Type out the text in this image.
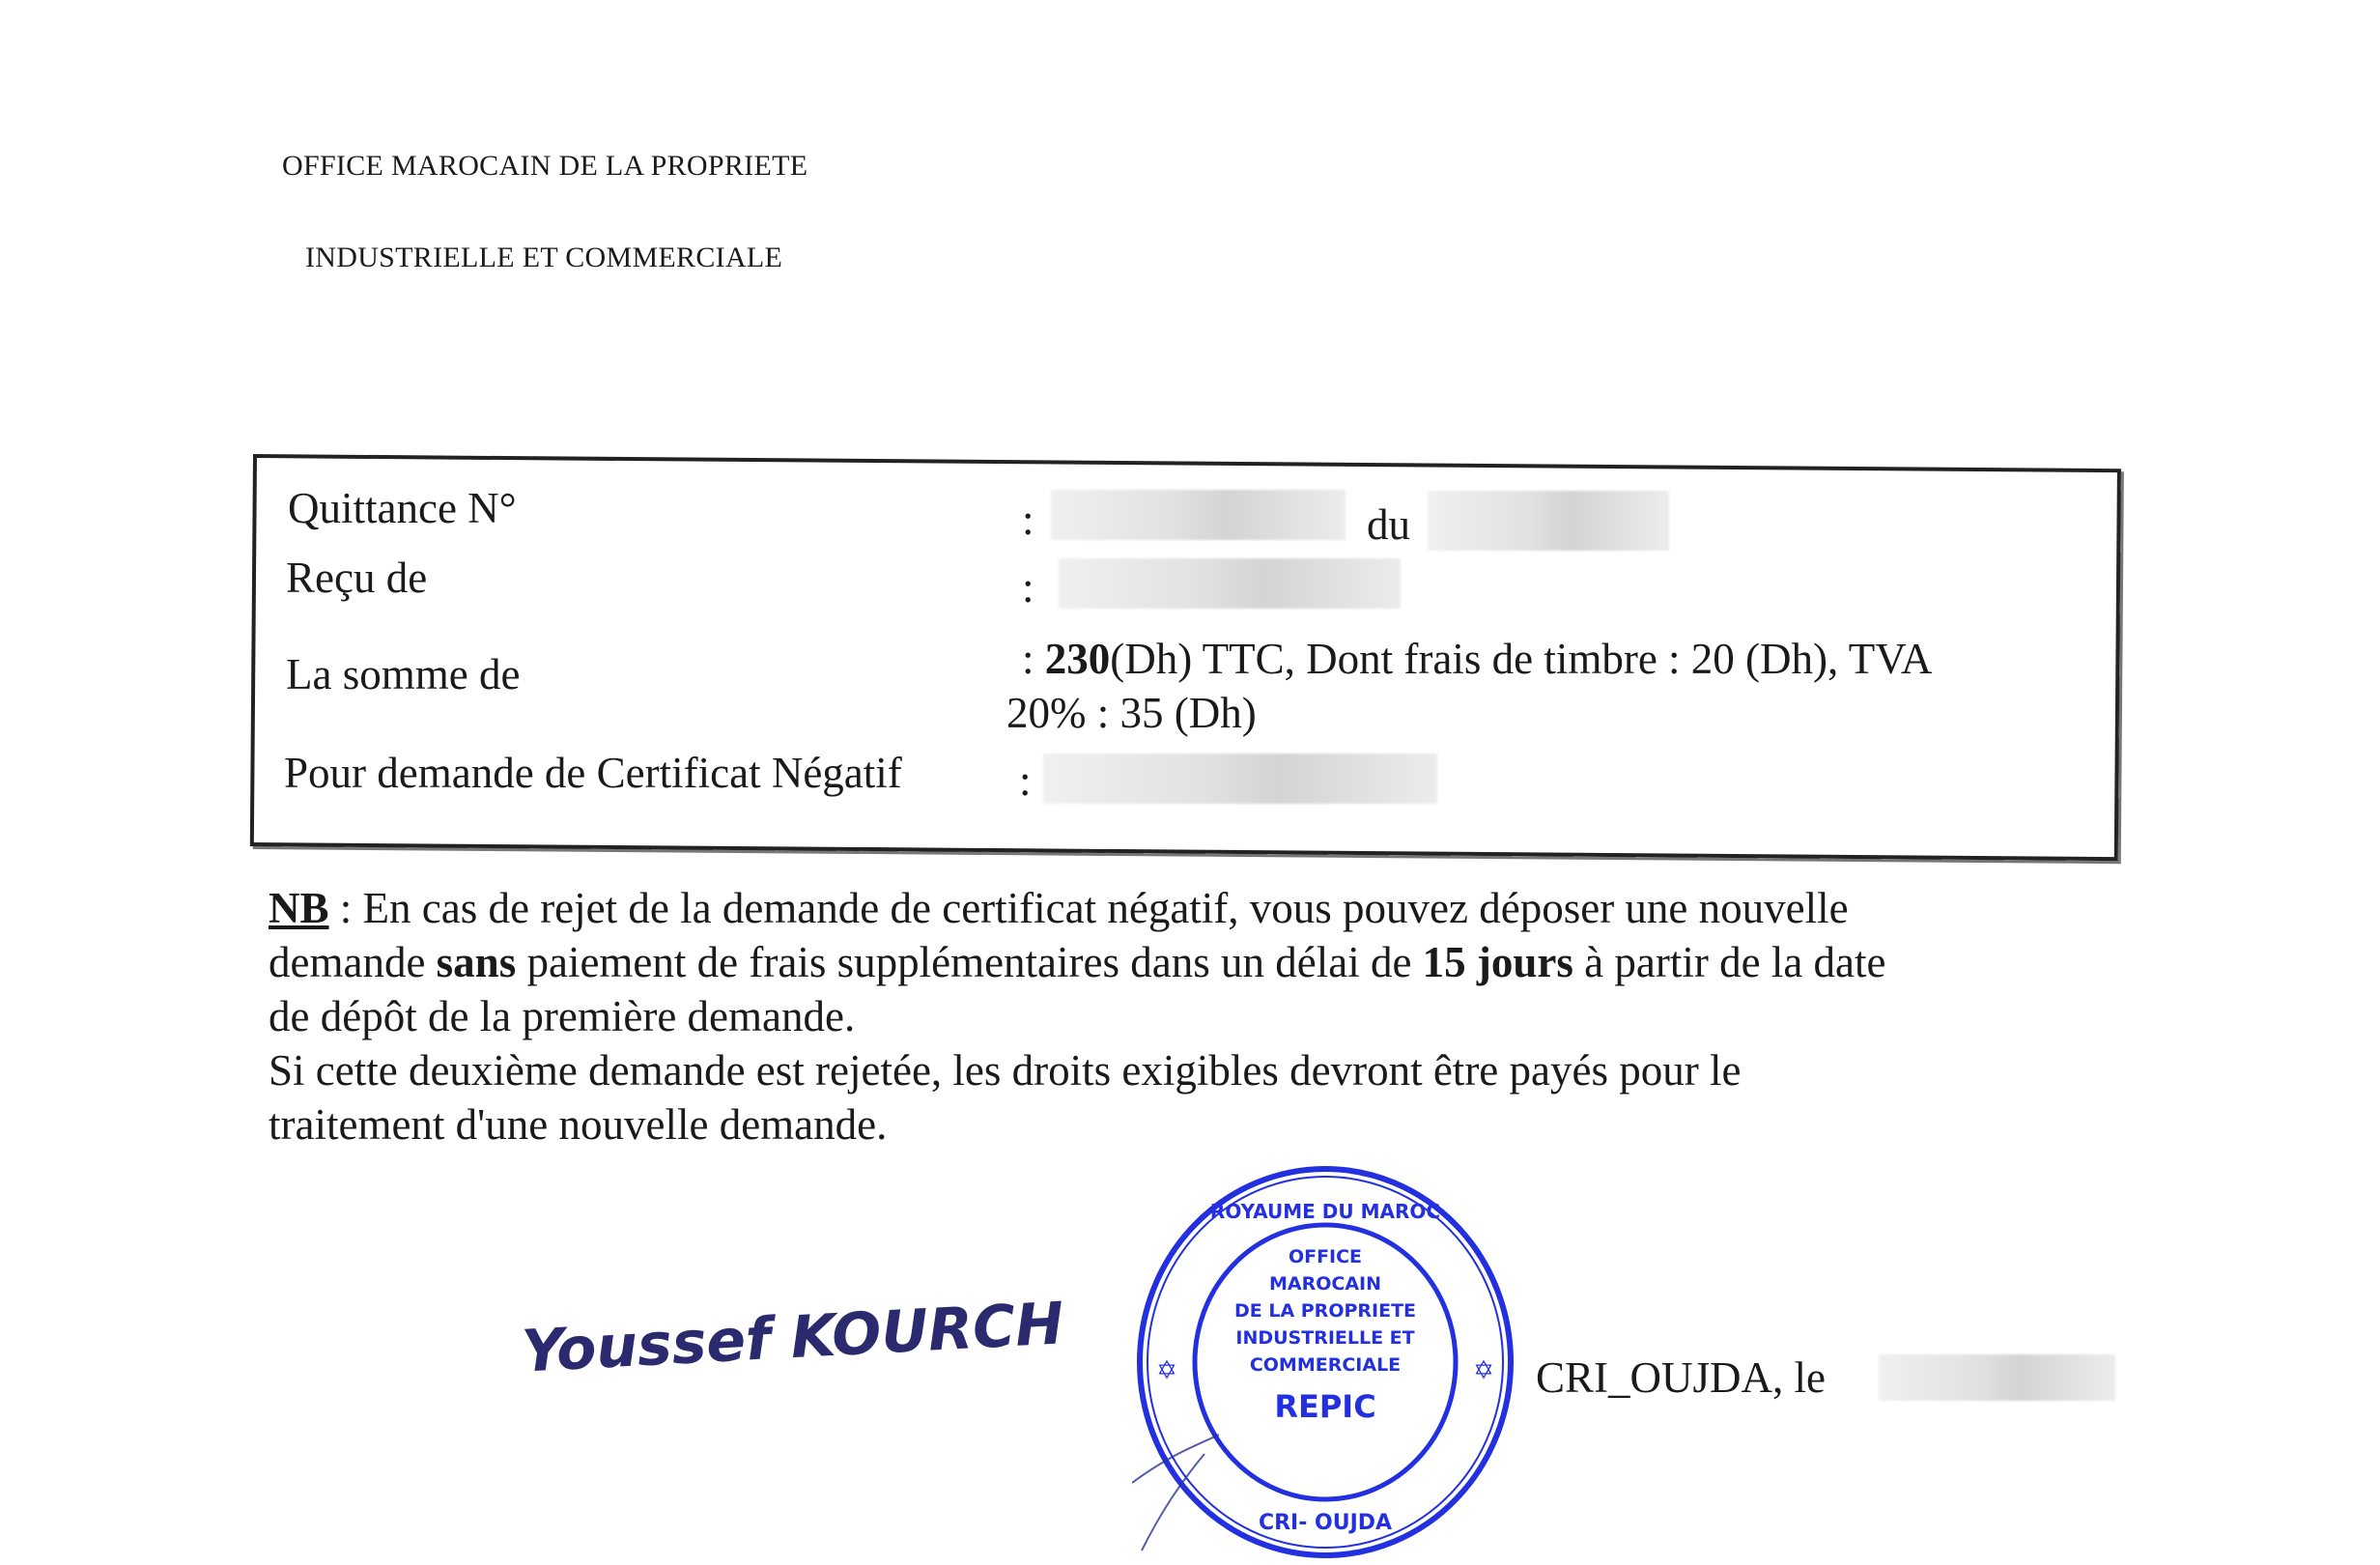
OFFICE MAROCAIN DE LA PROPRIETE
INDUSTRIELLE ET COMMERCIALE
Quittance N°	:	du
Reçu de	:
La somme de	: 230(Dh) TTC, Dont frais de timbre : 20 (Dh), TVA
20% : 35 (Dh)
Pour demande de Certificat Négatif	:

NB : En cas de rejet de la demande de certificat négatif, vous pouvez déposer une nouvelle

demande sans paiement de frais supplémentaires dans un délai de 15 jours à partir de la date

de dépôt de la première demande.

Si cette deuxième demande est rejetée, les droits exigibles devront être payés pour le

traitement d'une nouvelle demande.

Youssef KOURCH
ROYAUME DU MAROC
OFFICE
MAROCAIN
DE LA PROPRIETE
INDUSTRIELLE ET
COMMERCIALE
REPIC
CRI- OUJDA
✡	✡ CRI_OUJDA, le
